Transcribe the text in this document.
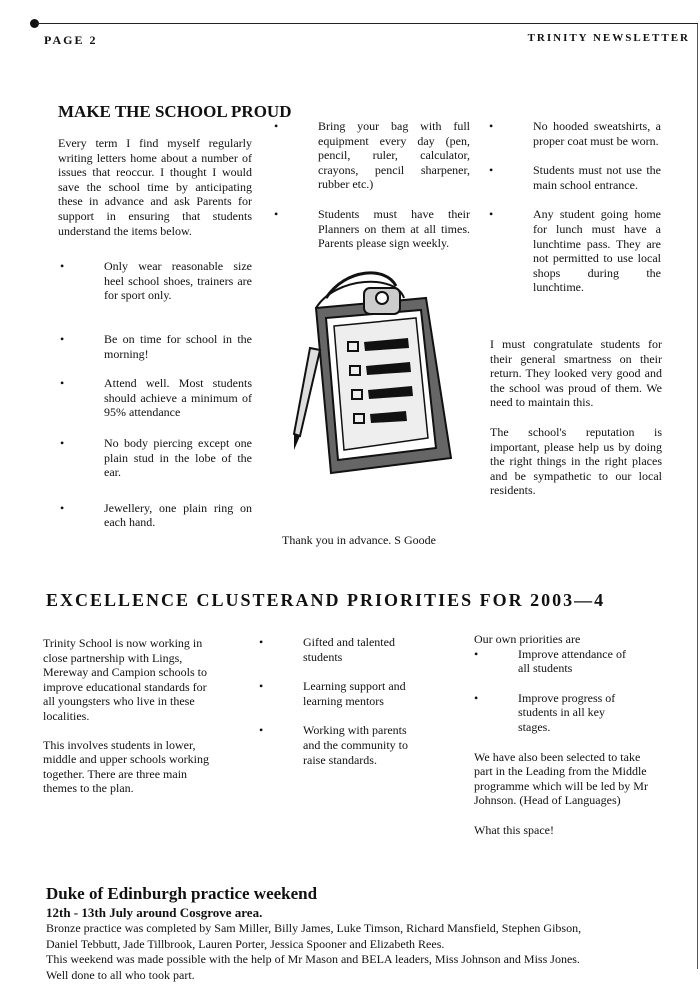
PAGE 2	TRINITY NEWSLETTER
MAKE THE SCHOOL PROUD

Every term I find myself regularly writing letters home about a number of issues that reoccur. I thought I would save the school time by anticipating these in advance and ask Parents for support in ensuring that students understand the items below.

•	Only wear reasonable size heel school shoes, trainers are for sport only.
•	Be on time for school in the morning!
•	Attend well. Most students should achieve a minimum of 95% attendance
•	No body piercing except one plain stud in the lobe of the ear.
•	Jewellery, one plain ring on each hand.
•	Bring your bag with full equipment every day (pen, pencil, ruler, calculator, crayons, pencil sharpener, rubber etc.)
•	Students must have their Planners on them at all times. Parents please sign weekly.
•	No hooded sweatshirts, a proper coat must be worn.
•	Students must not use the main school entrance.
•	Any student going home for lunch must have a lunchtime pass. They are not permitted to use local shops during the lunchtime.

I must congratulate students for their general smartness on their return. They looked very good and the school was proud of them. We need to maintain this.

The school's reputation is important, please help us by doing the right things in the right places and be sympathetic to our local residents.

Thank you in advance. S Goode
EXCELLENCE CLUSTERAND PRIORITIES FOR 2003—4

Trinity School is now working in close partnership with Lings, Mereway and Campion schools to improve educational standards for all youngsters who live in these localities.

This involves students in lower, middle and upper schools working together. There are three main themes to the plan.

•	Gifted and talented students
•	Learning support and learning mentors
•	Working with parents and the community to raise standards.

Our own priorities are

•	Improve attendance of all students
•	Improve progress of students in all key stages.

We have also been selected to take part in the Leading from the Middle programme which will be led by Mr Johnson. (Head of Languages)

What this space!

Duke of Edinburgh practice weekend
12th - 13th July around Cosgrove area.

Bronze practice was completed by Sam Miller, Billy James, Luke Timson, Richard Mansfield, Stephen Gibson,

Daniel Tebbutt, Jade Tillbrook, Lauren Porter, Jessica Spooner and Elizabeth Rees.

This weekend was made possible with the help of Mr Mason and BELA leaders, Miss Johnson and Miss Jones.

Well done to all who took part.
